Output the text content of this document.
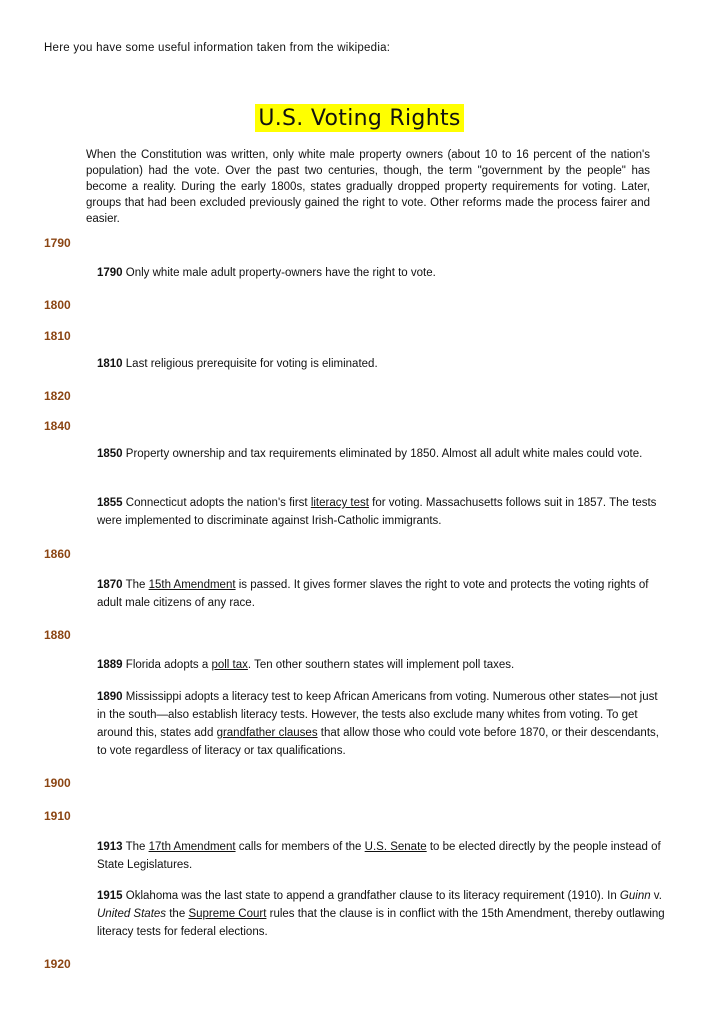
Here you have some useful information taken from the wikipedia:
U.S. Voting Rights
When the Constitution was written, only white male property owners (about 10 to 16 percent of the nation's population) had the vote. Over the past two centuries, though, the term "government by the people" has become a reality. During the early 1800s, states gradually dropped property requirements for voting. Later, groups that had been excluded previously gained the right to vote. Other reforms made the process fairer and easier.
1790
1800
1810
1820
1840
1860
1880
1900
1910
1920
1790 Only white male adult property-owners have the right to vote.
1810 Last religious prerequisite for voting is eliminated.
1850 Property ownership and tax requirements eliminated by 1850. Almost all adult white males could vote.
1855 Connecticut adopts the nation's first literacy test for voting. Massachusetts follows suit in 1857. The tests were implemented to discriminate against Irish-Catholic immigrants.
1870 The 15th Amendment is passed. It gives former slaves the right to vote and protects the voting rights of adult male citizens of any race.
1889 Florida adopts a poll tax. Ten other southern states will implement poll taxes.
1890 Mississippi adopts a literacy test to keep African Americans from voting. Numerous other states—not just in the south—also establish literacy tests. However, the tests also exclude many whites from voting. To get around this, states add grandfather clauses that allow those who could vote before 1870, or their descendants, to vote regardless of literacy or tax qualifications.
1913 The 17th Amendment calls for members of the U.S. Senate to be elected directly by the people instead of State Legislatures.
1915 Oklahoma was the last state to append a grandfather clause to its literacy requirement (1910). In Guinn v. United States the Supreme Court rules that the clause is in conflict with the 15th Amendment, thereby outlawing literacy tests for federal elections.
